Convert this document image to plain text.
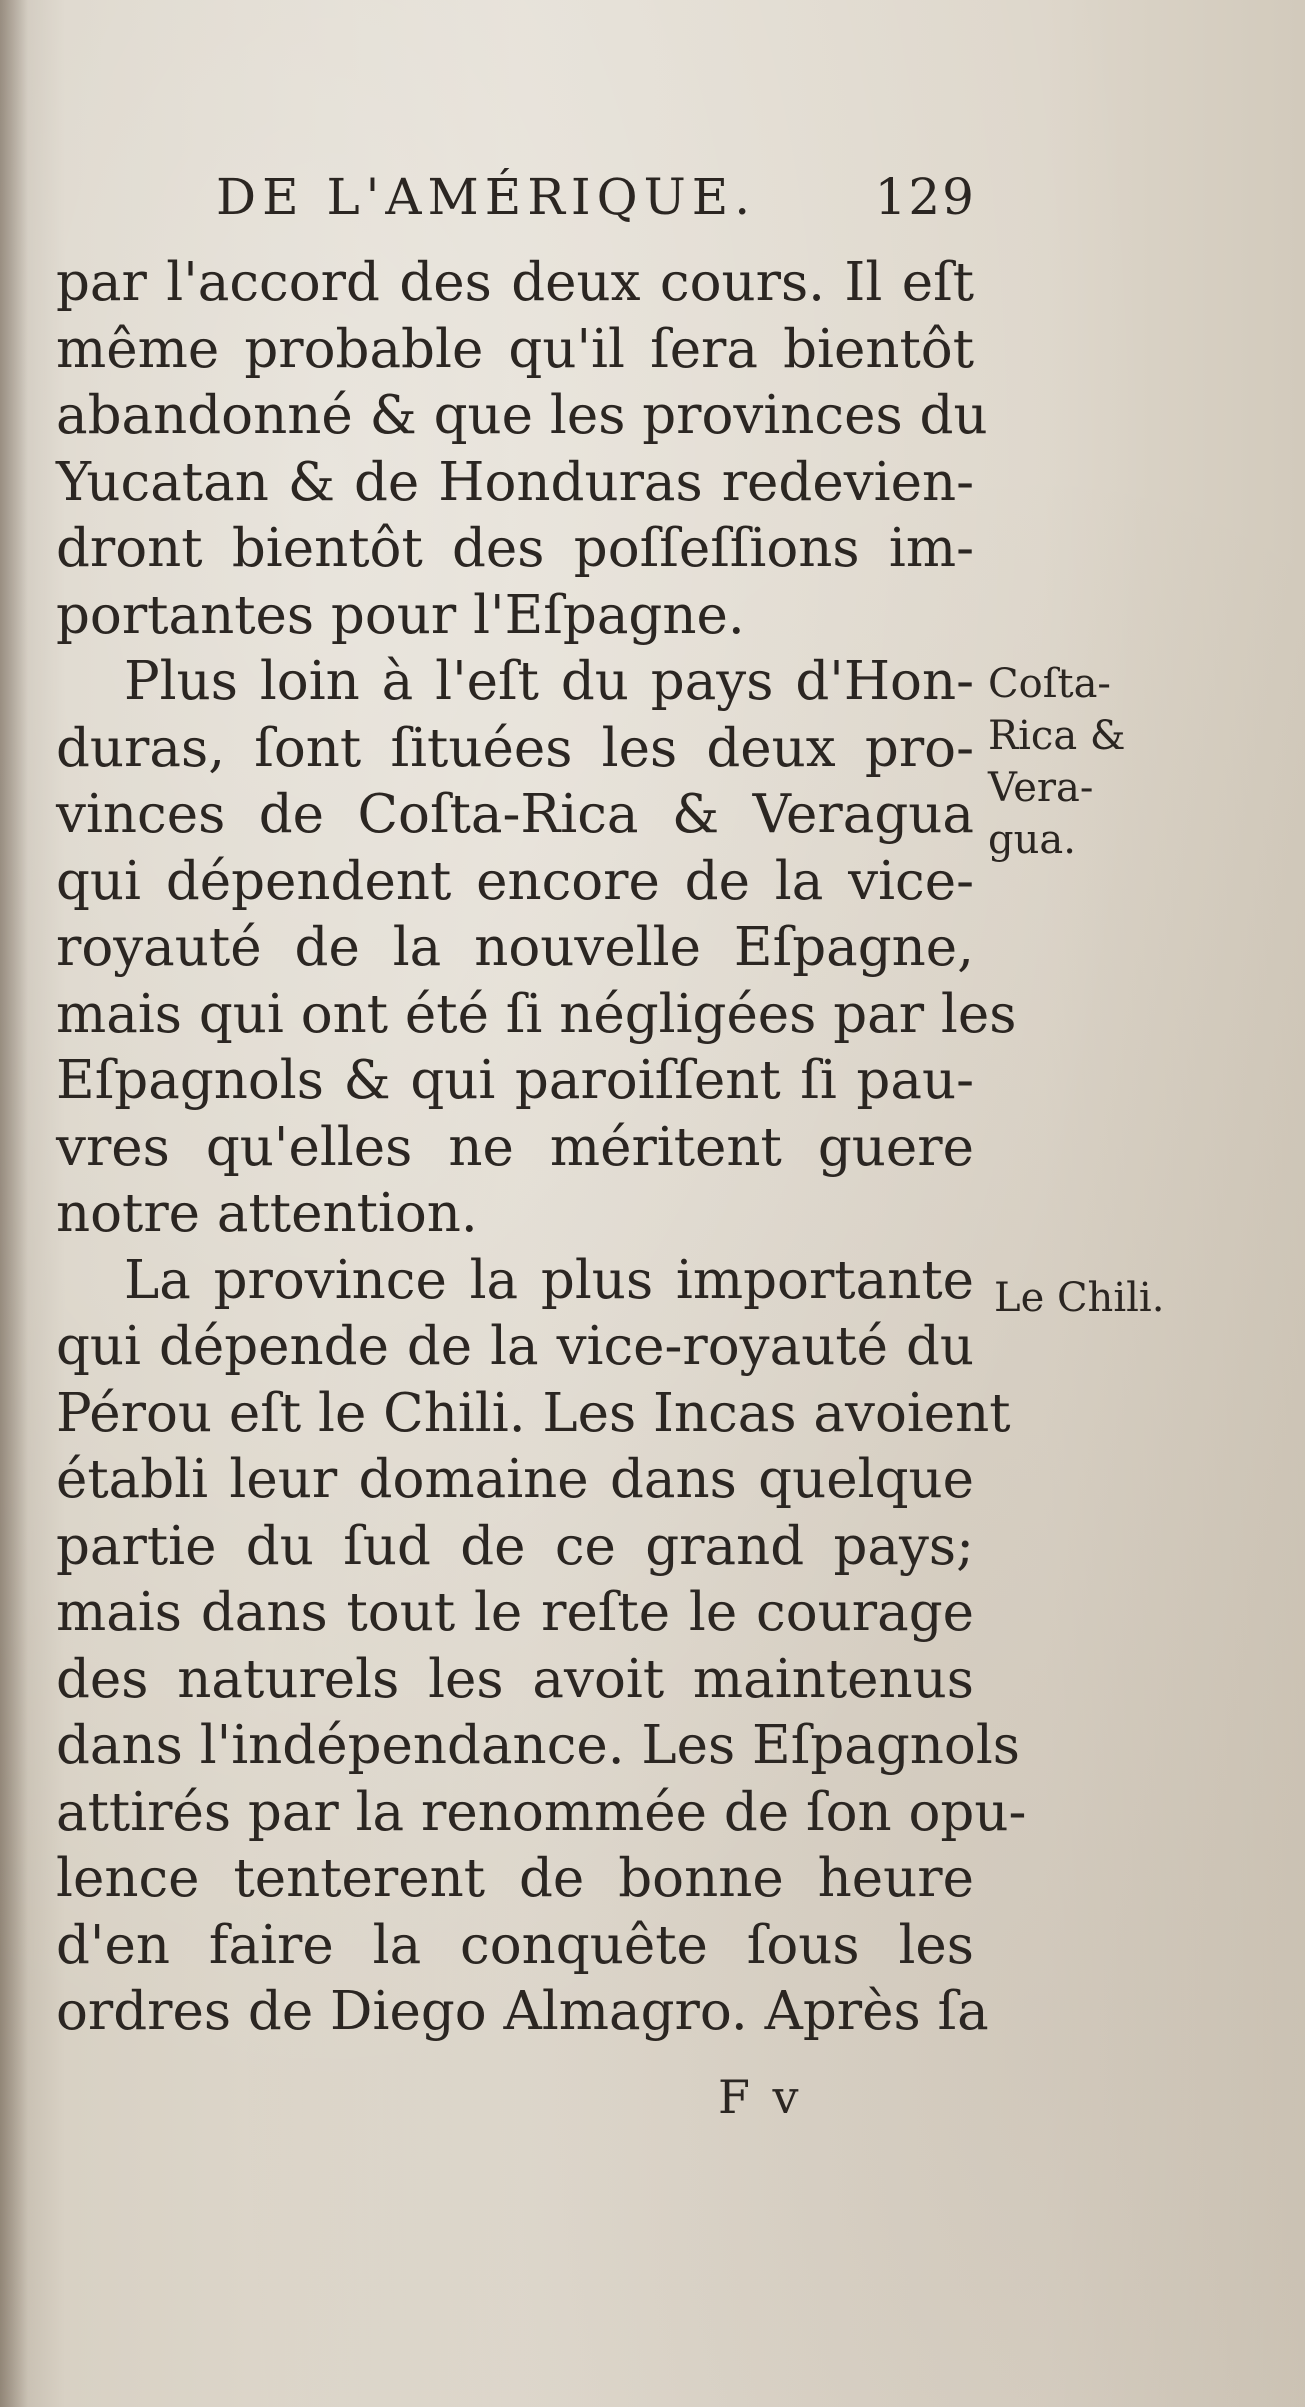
DE L'AMÉRIQUE. 129
par l'accord des deux cours. Il eſt
même probable qu'il ſera bientôt
abandonné & que les provinces du
Yucatan & de Honduras redevien-
dront bientôt des poſſeſſions im-
portantes pour l'Eſpagne.
Plus loin à l'eſt du pays d'Hon-
duras, ſont ſituées les deux pro-
vinces de Coſta-Rica & Veragua
qui dépendent encore de la vice-
royauté de la nouvelle Eſpagne,
mais qui ont été ſi négligées par les
Eſpagnols & qui paroiſſent ſi pau-
vres qu'elles ne méritent guere
notre attention.
La province la plus importante
qui dépende de la vice-royauté du
Pérou eſt le Chili. Les Incas avoient
établi leur domaine dans quelque
partie du ſud de ce grand pays;
mais dans tout le reſte le courage
des naturels les avoit maintenus
dans l'indépendance. Les Eſpagnols
attirés par la renommée de ſon opu-
lence tenterent de bonne heure
d'en faire la conquête ſous les
ordres de Diego Almagro. Après ſa
Coſta-
Rica &
Vera-
gua.
Le Chili.
F v
